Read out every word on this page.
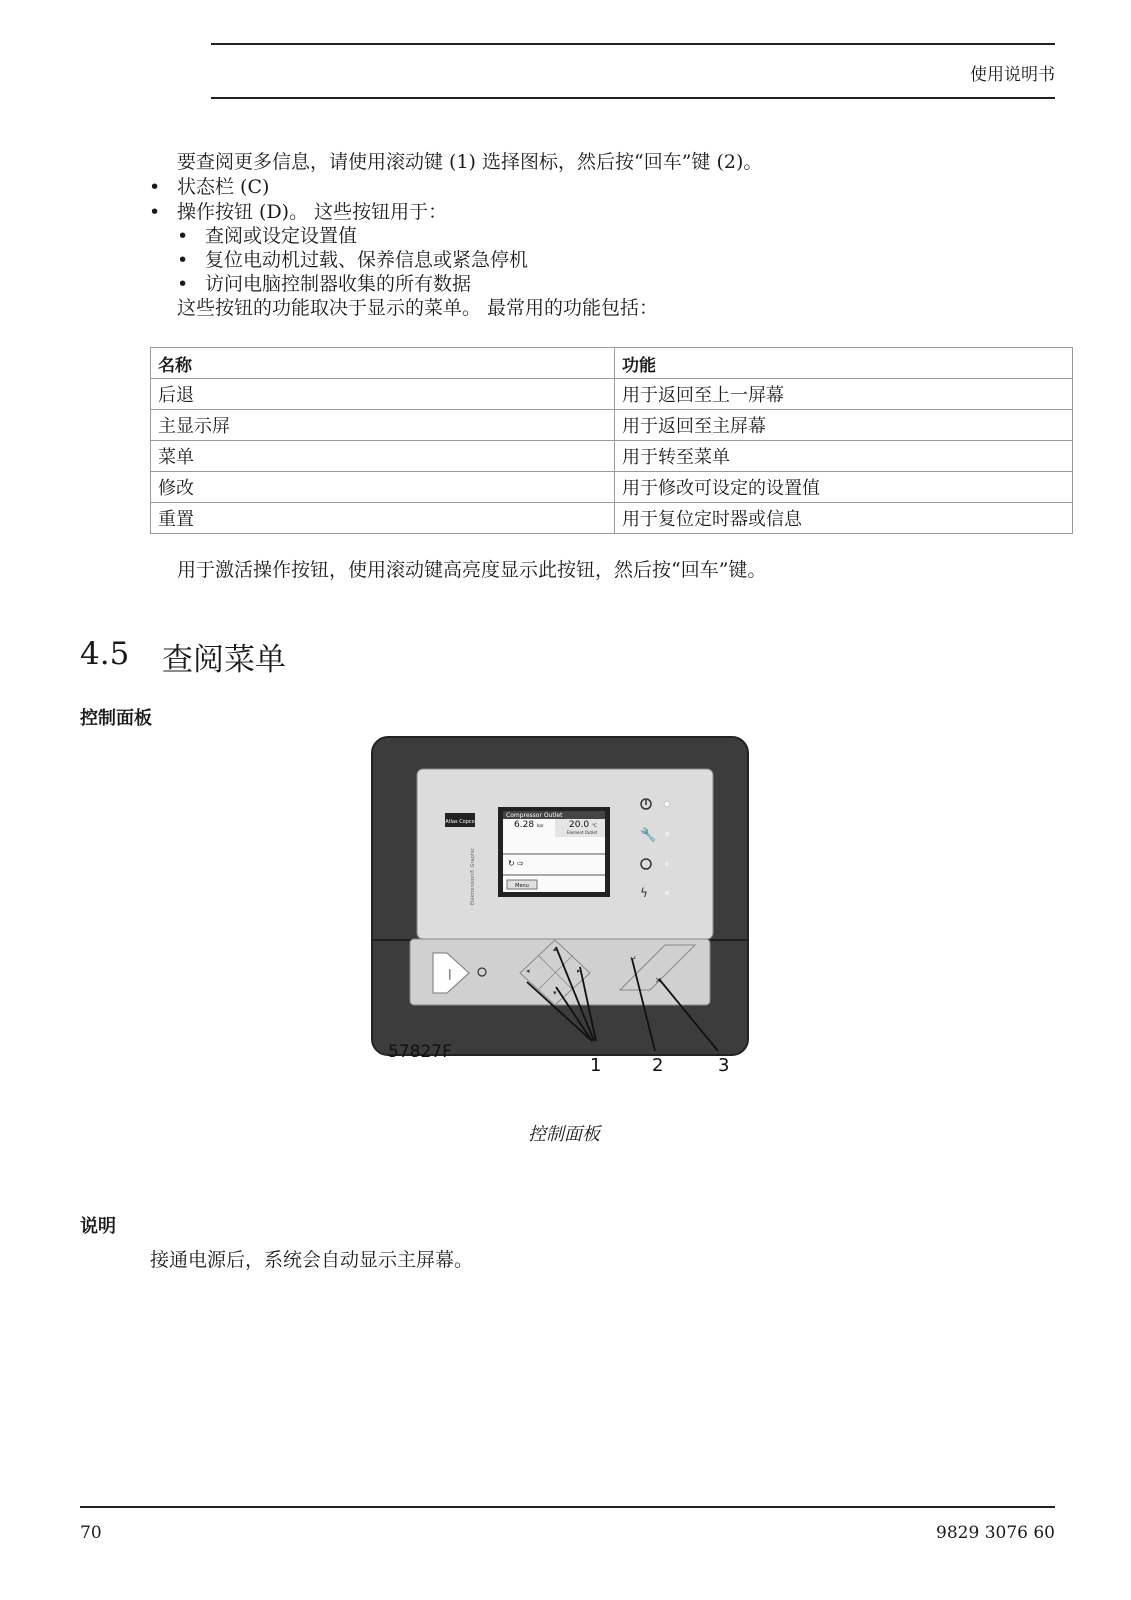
使用说明书
要查阅更多信息，请使用滚动键 (1) 选择图标，然后按“回车”键 (2)。
• 状态栏 (C)
• 操作按钮 (D)。 这些按钮用于：
• 查阅或设定设置值
• 复位电动机过载、保养信息或紧急停机
• 访问电脑控制器收集的所有数据
这些按钮的功能取决于显示的菜单。 最常用的功能包括：
名称	功能
后退	用于返回至上一屏幕
主显示屏	用于返回至主屏幕
菜单	用于转至菜单
修改	用于修改可设定的设置值
重置	用于复位定时器或信息
用于激活操作按钮，使用滚动键高亮度显示此按钮，然后按“回车”键。
4.5 查阅菜单
控制面板
Atlas Copco
Elektronikon® Graphic
Compressor Outlet
6.28 bar	20.0 °C
Element Outlet
↻ ⇨
Menu
🔧
ϟ
|	◂
▴
▸
▾
↵
✕
57827F
1	2	3
控制面板
说明
接通电源后，系统会自动显示主屏幕。
70	9829 3076 60
